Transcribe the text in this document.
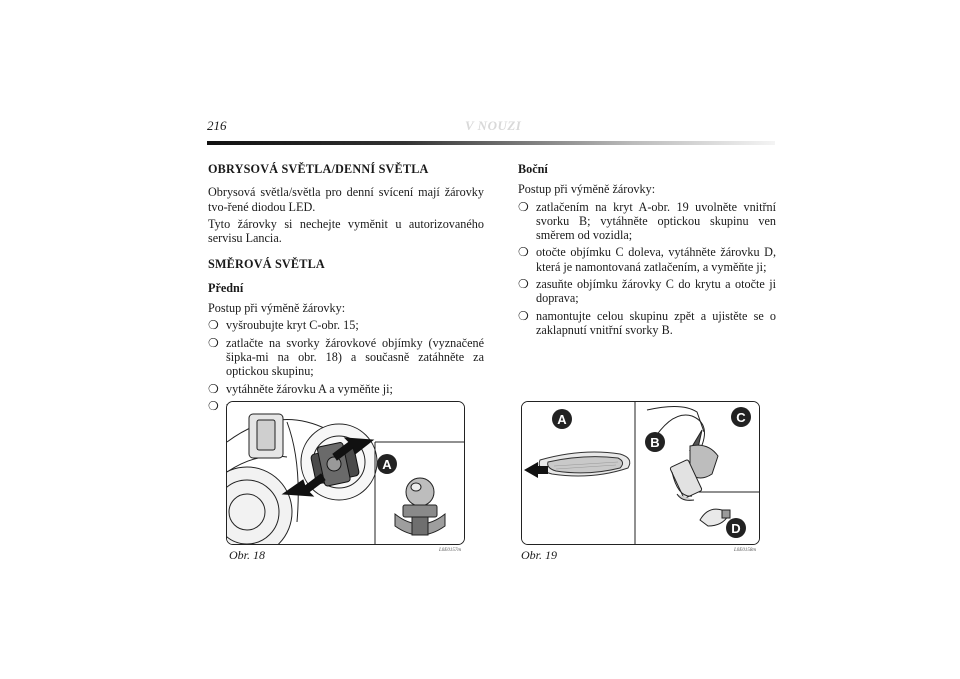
216	V NOUZI
OBRYSOVÁ SVĚTLA/DENNÍ SVĚTLA

Obrysová světla/světla pro denní svícení mají žárovky tvo-řené diodou LED.

Tyto žárovky si nechejte vyměnit u autorizovaného servisu Lancia.

SMĚROVÁ SVĚTLA
Přední

Postup při výměně žárovky:

❍ vyšroubujte kryt C-obr. 15;
❍ zatlačte na svorky žárovkové objímky (vyznačené šipka-mi na obr. 18) a současně zatáhněte za optickou skupinu;
❍ vytáhněte žárovku A a vyměňte ji;
❍
Boční

Postup při výměně žárovky:

❍ zatlačením na kryt A-obr. 19 uvolněte vnitřní svorku B; vytáhněte optickou skupinu ven směrem od vozidla;
❍ otočte objímku C doleva, vytáhněte žárovku D, která je namontovaná zatlačením, a vyměňte ji;
❍ zasuňte objímku žárovky C do krytu a otočte ji doprava;
❍ namontujte celou skupinu zpět a ujistěte se o zaklapnutí vnitřní svorky B.
A
Obr. 18	L0E0157m
A
B
C
D
Obr. 19	L0E0158m
